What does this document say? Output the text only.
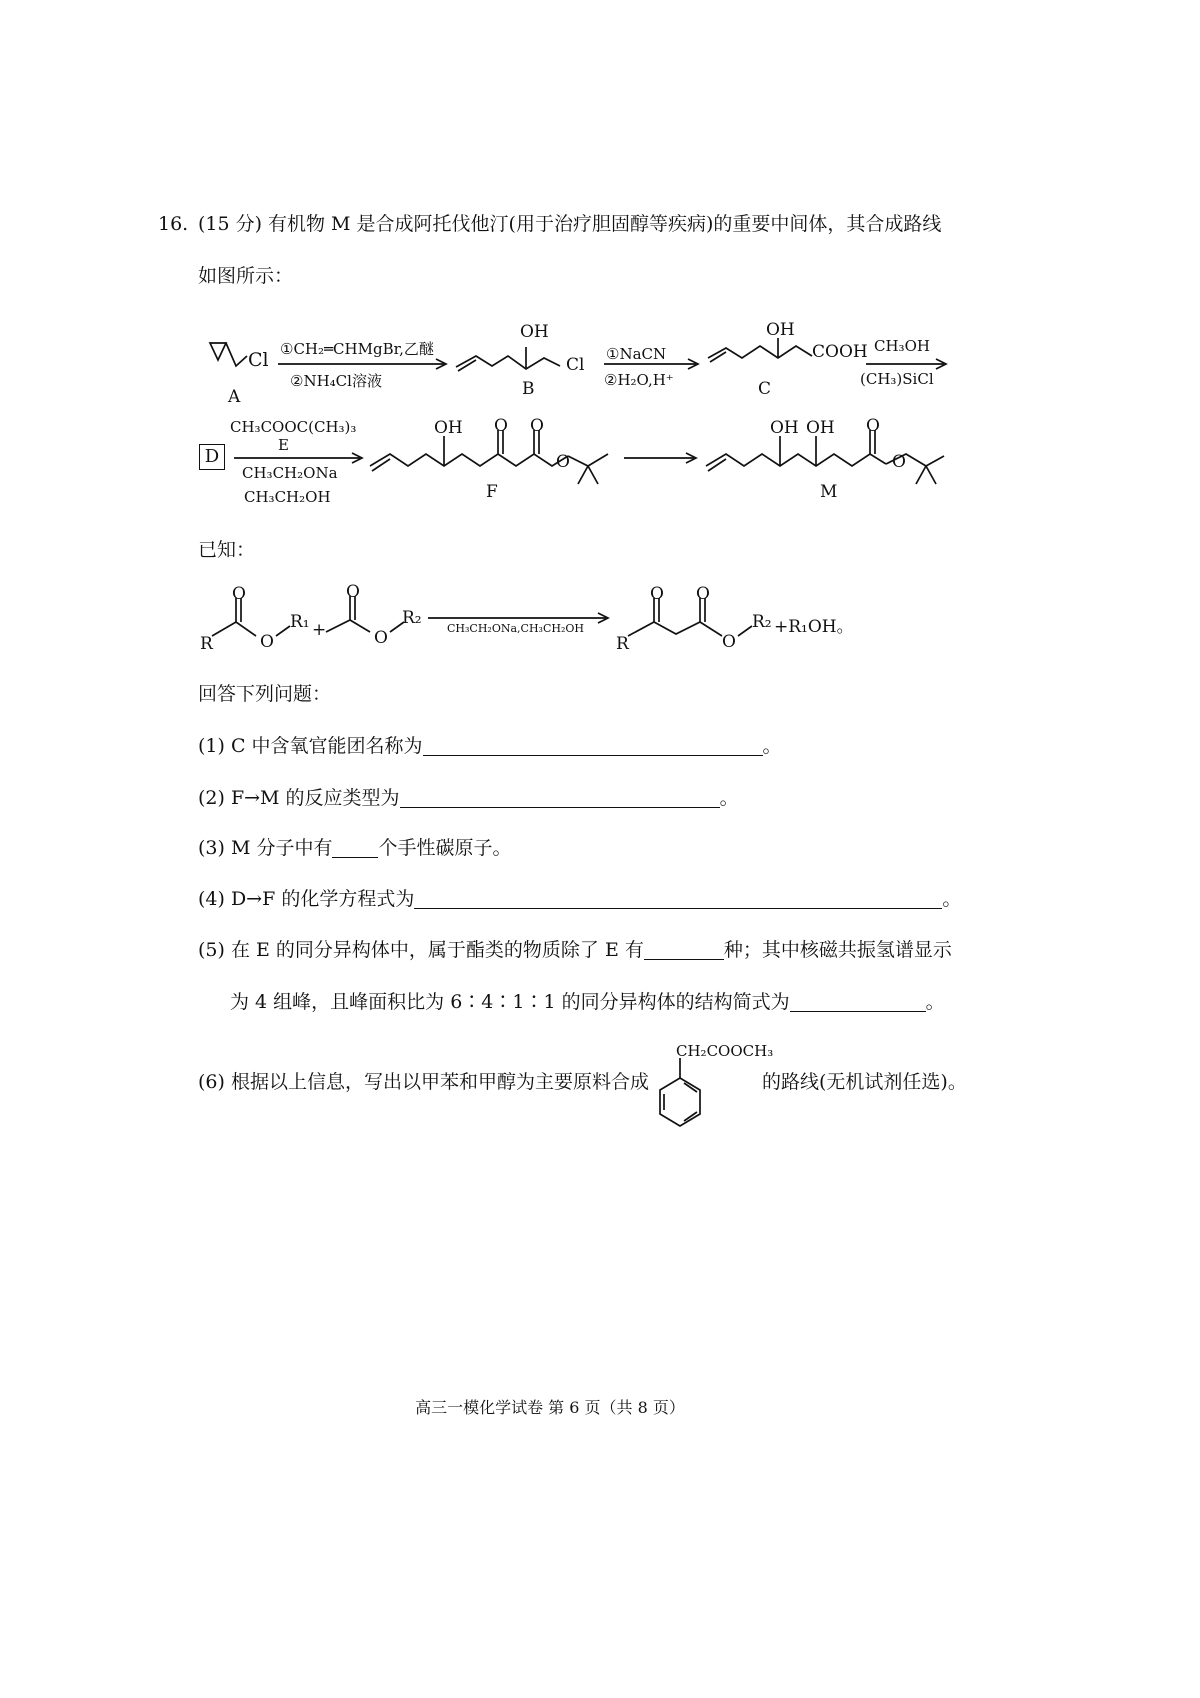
16. (15 分) 有机物 M 是合成阿托伐他汀(用于治疗胆固醇等疾病)的重要中间体，其合成路线
如图所示：
Cl
A
①CH₂═CHMgBr,乙醚
②NH₄Cl溶液
OH
Cl
B
①NaCN
②H₂O,H⁺
OH
COOH
C
CH₃OH
(CH₃)SiCl
D
CH₃COOC(CH₃)₃
E
CH₃CH₂ONa
CH₃CH₂OH
OH O O
O
F
OH OH O
O
M
已知：
O
R	O
R₁ +
O
O
R₂
CH₃CH₂ONa,CH₃CH₂OH
O O
R	O
R₂ +R₁OH。
回答下列问题：
(1) C 中含氧官能团名称为	。
(2) F→M 的反应类型为	。
(3) M 分子中有 个手性碳原子。
(4) D→F 的化学方程式为	。
(5) 在 E 的同分异构体中，属于酯类的物质除了 E 有	种；其中核磁共振氢谱显示
为 4 组峰，且峰面积比为 6∶4∶1∶1 的同分异构体的结构简式为	。
CH₂COOCH₃
(6) 根据以上信息，写出以甲苯和甲醇为主要原料合成	的路线(无机试剂任选)。
高三一模化学试卷 第 6 页（共 8 页）
